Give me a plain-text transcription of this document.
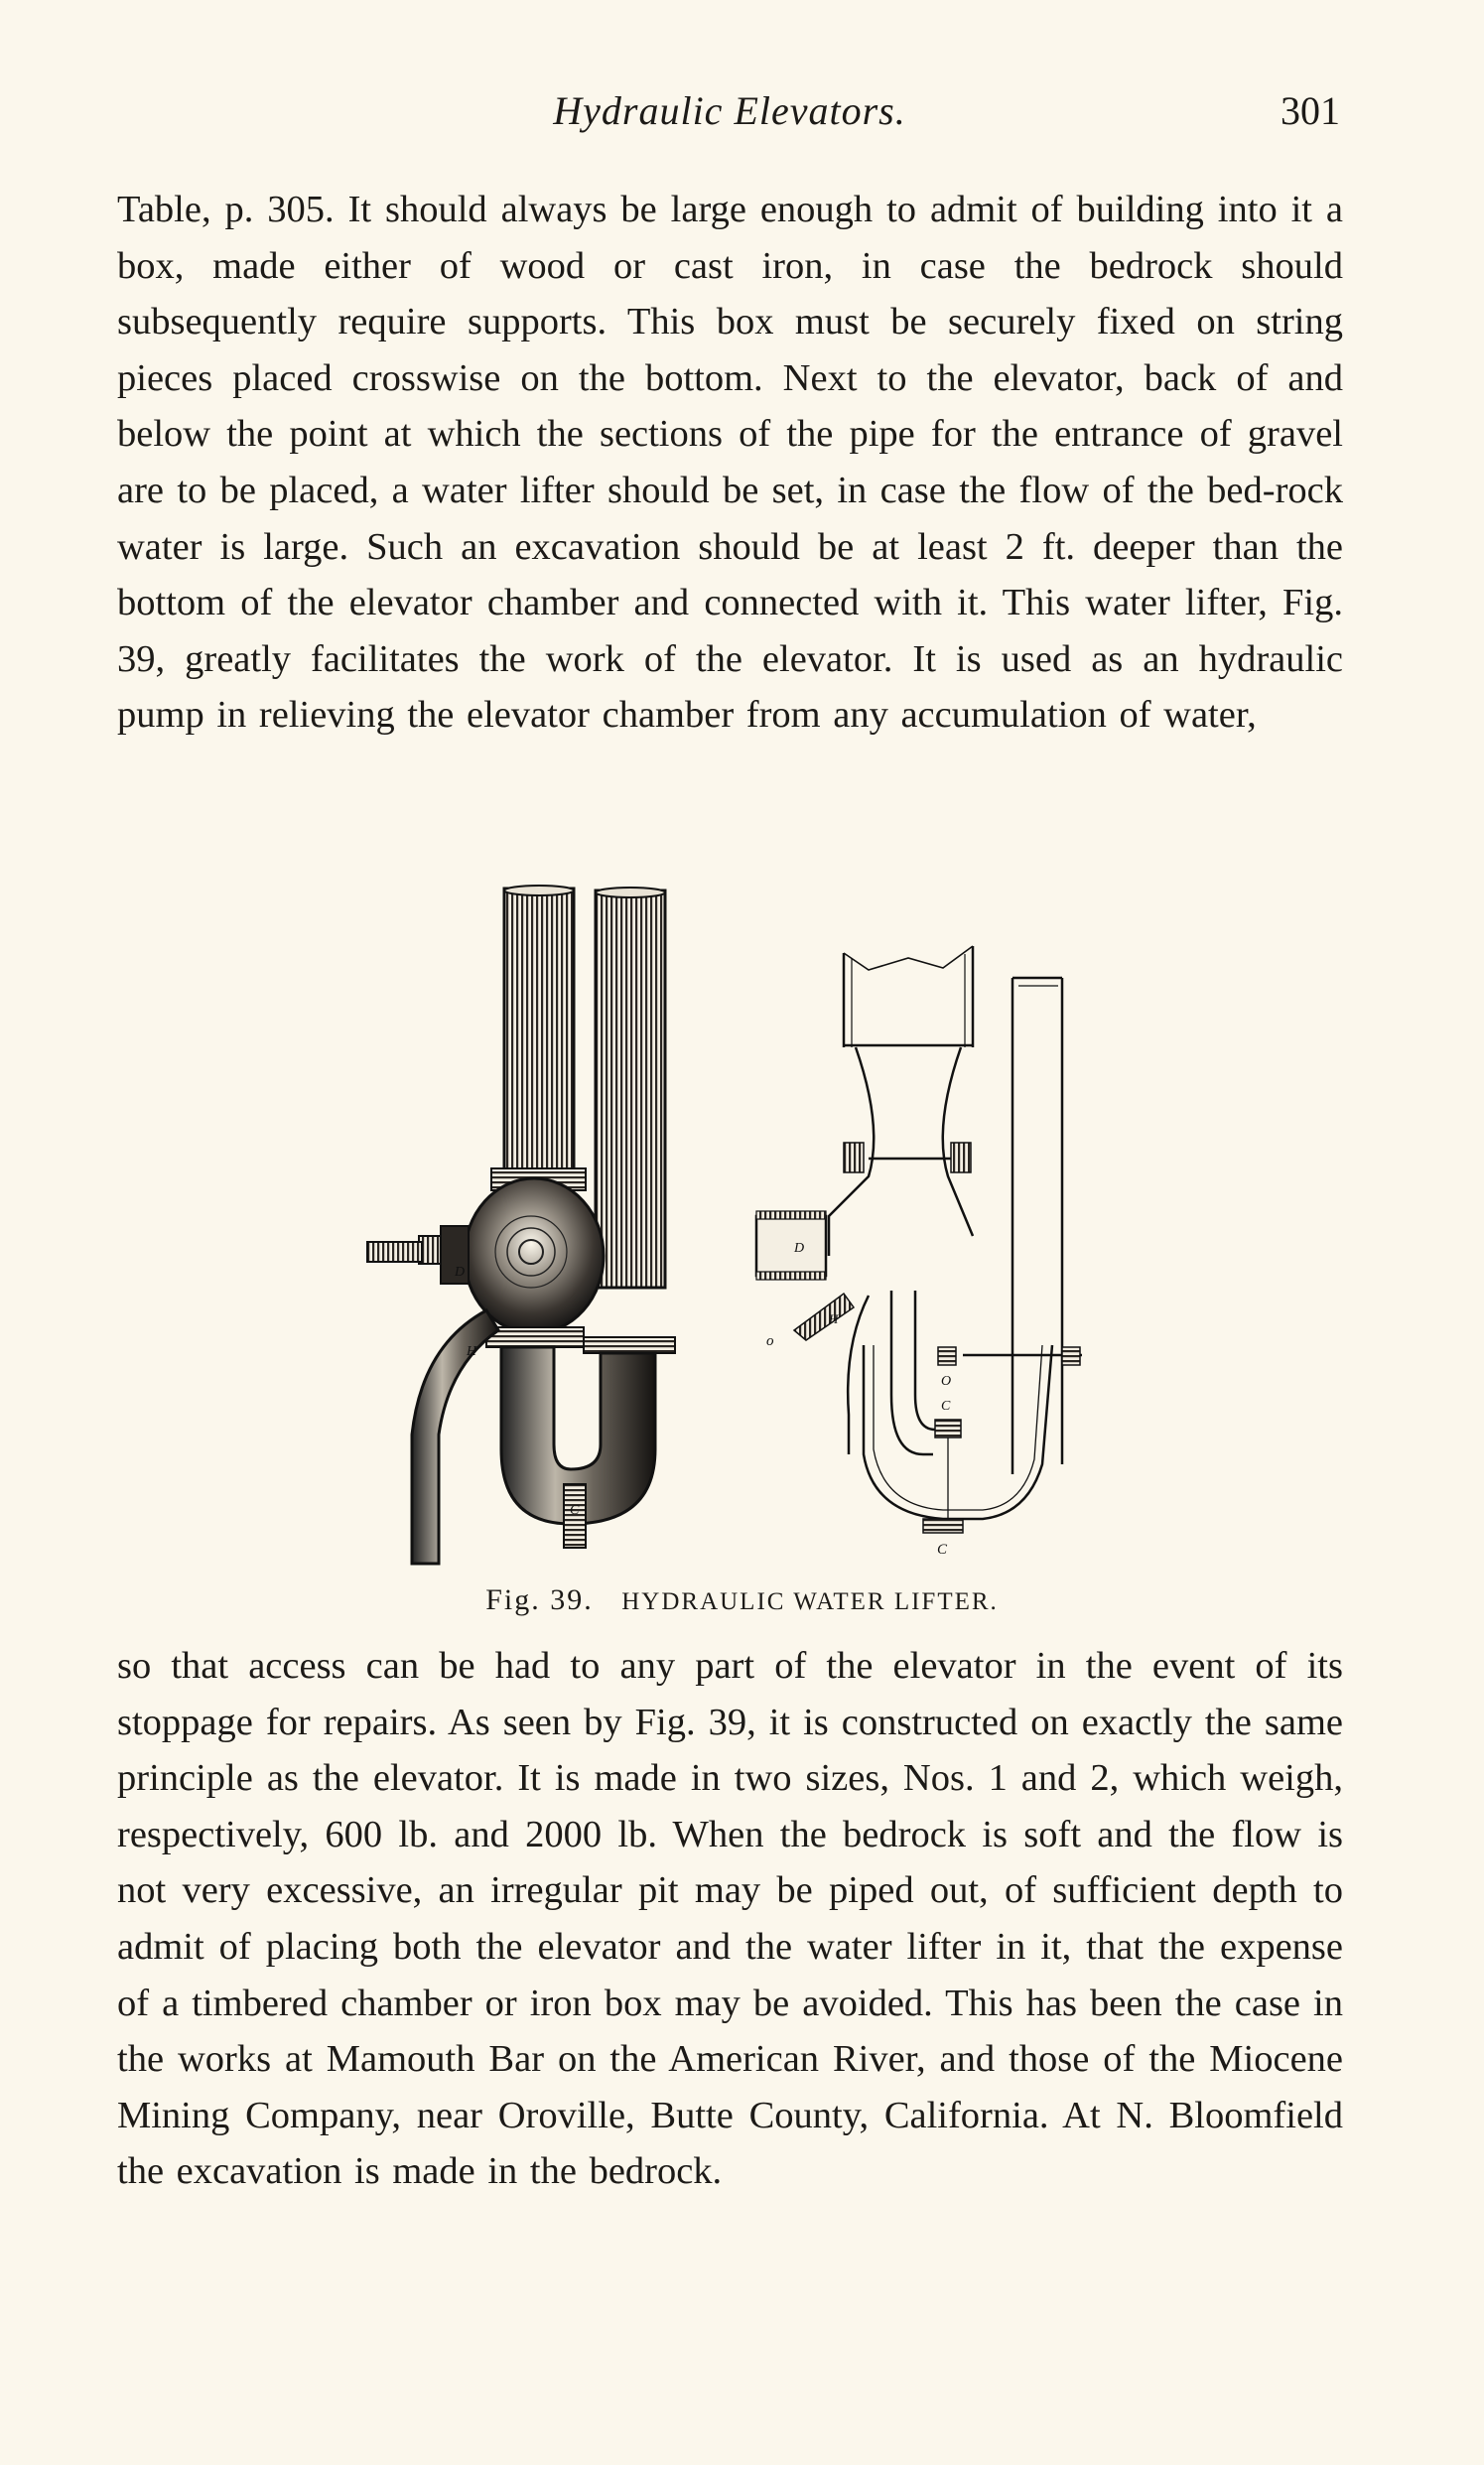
Hydraulic Elevators.	301

Table, p. 305. It should always be large enough to admit of building into it a box, made either of wood or cast iron, in case the bedrock should subsequently require supports. This box must be securely fixed on string pieces placed crosswise on the bottom. Next to the elevator, back of and below the point at which the sections of the pipe for the entrance of gravel are to be placed, a water lifter should be set, in case the flow of the bed-rock water is large. Such an excavation should be at least 2 ft. deeper than the bottom of the elevator chamber and connected with it. This water lifter, Fig. 39, greatly facilitates the work of the elevator. It is used as an hydraulic pump in relieving the elevator chamber from any accumulation of water,

D
H
C
D
H
o
O
C
C
Fig. 39. HYDRAULIC WATER LIFTER.

so that access can be had to any part of the elevator in the event of its stoppage for repairs. As seen by Fig. 39, it is constructed on exactly the same principle as the elevator. It is made in two sizes, Nos. 1 and 2, which weigh, respectively, 600 lb. and 2000 lb. When the bedrock is soft and the flow is not very excessive, an irregular pit may be piped out, of sufficient depth to admit of placing both the elevator and the water lifter in it, that the expense of a timbered chamber or iron box may be avoided. This has been the case in the works at Mamouth Bar on the American River, and those of the Miocene Mining Company, near Oroville, Butte County, California. At N. Bloomfield the excavation is made in the bedrock.
